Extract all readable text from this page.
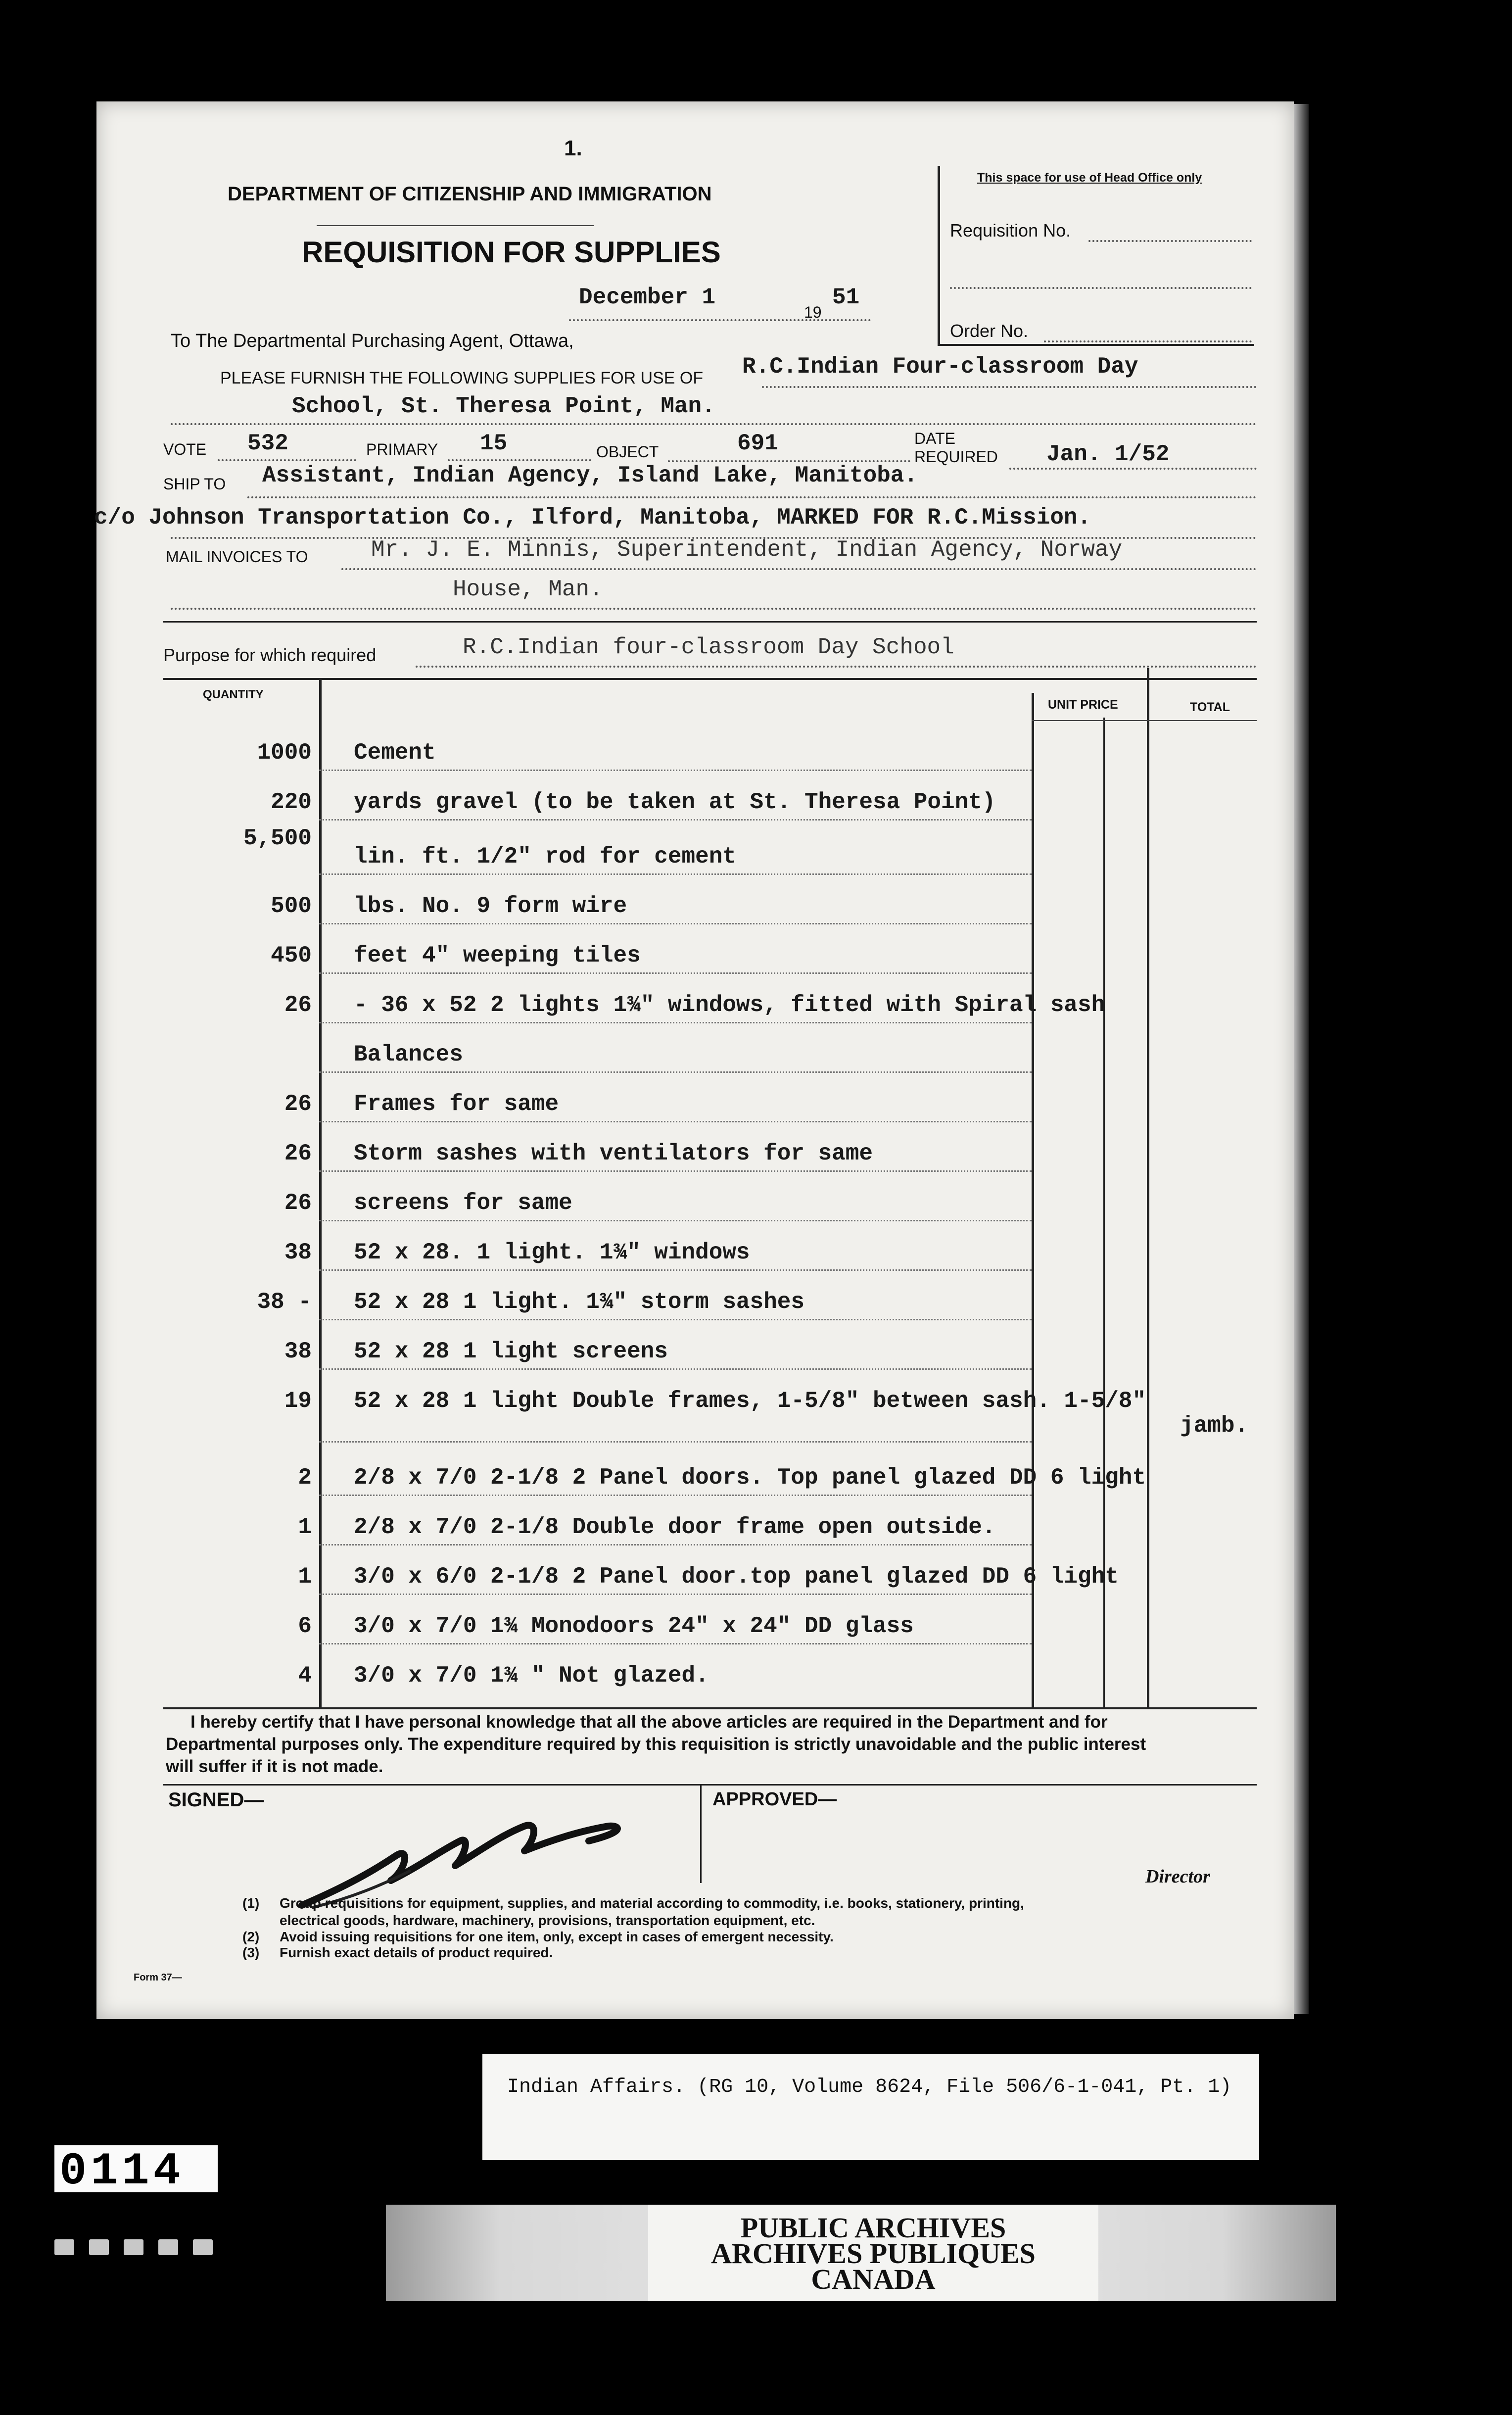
1.
DEPARTMENT OF CITIZENSHIP AND IMMIGRATION
REQUISITION FOR SUPPLIES
December 1
19
51
This space for use of Head Office only
Requisition No.
Order No.
To The Departmental Purchasing Agent, Ottawa,
PLEASE FURNISH THE FOLLOWING SUPPLIES FOR USE OF R.C.Indian Four-classroom Day
School, St. Theresa Point, Man.
VOTE 532	PRIMARY 15	OBJECT	691	DATE
REQUIRED Jan. 1/52
SHIP TO Assistant, Indian Agency, Island Lake, Manitoba.
c/o Johnson Transportation Co., Ilford, Manitoba, MARKED FOR R.C.Mission.
MAIL INVOICES TO	Mr. J. E. Minnis, Superintendent, Indian Agency, Norway
House, Man.
Purpose for which required	R.C.Indian four-classroom Day School
QUANTITY
UNIT PRICE	TOTAL
1000 Cement
220 yards gravel (to be taken at St. Theresa Point)
5,500
lin. ft. 1/2" rod for cement
500 lbs. No. 9 form wire
450 feet 4" weeping tiles
26 - 36 x 52 2 lights 1¾" windows, fitted with Spiral sash
Balances
26 Frames for same
26 Storm sashes with ventilators for same
26 screens for same
38 52 x 28. 1 light. 1¾" windows
38 - 52 x 28 1 light. 1¾" storm sashes
38 52 x 28 1 light screens
19 52 x 28 1 light Double frames, 1-5/8" between sash. 1-5/8"
jamb.
2 2/8 x 7/0 2-1/8 2 Panel doors. Top panel glazed DD 6 light
1 2/8 x 7/0 2-1/8 Double door frame open outside.
1 3/0 x 6/0 2-1/8 2 Panel door.top panel glazed DD 6 light
6 3/0 x 7/0 1¾ Monodoors 24" x 24" DD glass
4 3/0 x 7/0 1¾ " Not glazed.
I hereby certify that I have personal knowledge that all the above articles are required in the Department and for
Departmental purposes only. The expenditure required by this requisition is strictly unavoidable and the public interest
will suffer if it is not made.
SIGNED—	APPROVED—
Director
(1) Group requisitions for equipment, supplies, and material according to commodity, i.e. books, stationery, printing,
electrical goods, hardware, machinery, provisions, transportation equipment, etc.
(2) Avoid issuing requisitions for one item, only, except in cases of emergent necessity.
(3) Furnish exact details of product required.
Form 37—
Indian Affairs. (RG 10, Volume 8624, File 506/6-1-041, Pt. 1)
0114
PUBLIC ARCHIVES
ARCHIVES PUBLIQUES
CANADA
